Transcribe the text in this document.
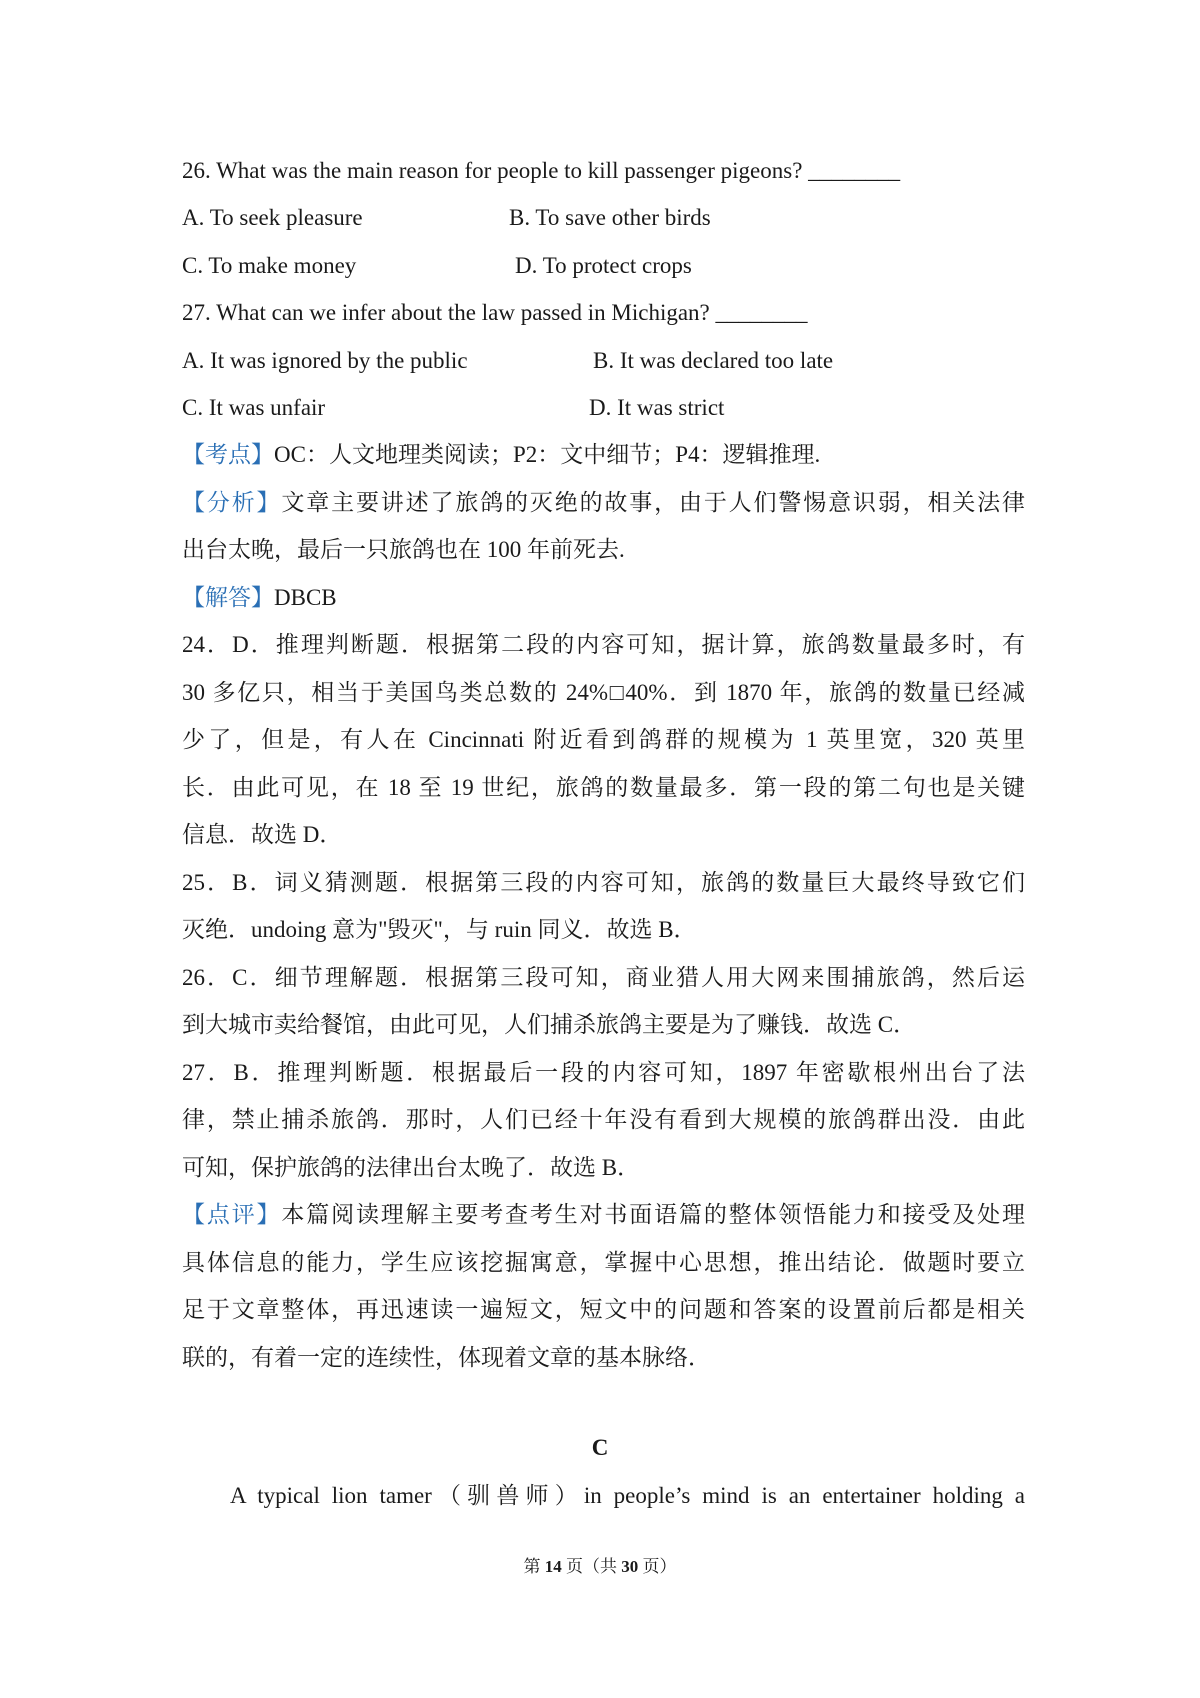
26. What was the main reason for people to kill passenger pigeons? ________
A. To seek pleasure	B. To save other birds
C. To make money	D. To protect crops
27. What can we infer about the law passed in Michigan? ________
A. It was ignored by the public	B. It was declared too late
C. It was unfair	D. It was strict
【考点】OC：人文地理类阅读；P2：文中细节；P4：逻辑推理.
【分析】文章主要讲述了旅鸽的灭绝的故事，由于人们警惕意识弱，相关法律
出台太晚，最后一只旅鸽也在 100 年前死去.
【解答】DBCB
24．D．推理判断题．根据第二段的内容可知，据计算，旅鸽数量最多时，有
30 多亿只，相当于美国鸟类总数的 24%□40%．到 1870 年，旅鸽的数量已经减
少了，但是，有人在 Cincinnati 附近看到鸽群的规模为 1 英里宽，320 英里
长．由此可见，在 18 至 19 世纪，旅鸽的数量最多．第一段的第二句也是关键
信息．故选 D．
25．B．词义猜测题．根据第三段的内容可知，旅鸽的数量巨大最终导致它们
灭绝．undoing 意为"毁灭"，与 ruin 同义．故选 B．
26．C．细节理解题．根据第三段可知，商业猎人用大网来围捕旅鸽，然后运
到大城市卖给餐馆，由此可见，人们捕杀旅鸽主要是为了赚钱．故选 C．
27．B．推理判断题．根据最后一段的内容可知，1897 年密歇根州出台了法
律，禁止捕杀旅鸽．那时，人们已经十年没有看到大规模的旅鸽群出没．由此
可知，保护旅鸽的法律出台太晚了．故选 B．
【点评】本篇阅读理解主要考查考生对书面语篇的整体领悟能力和接受及处理
具体信息的能力，学生应该挖掘寓意，掌握中心思想，推出结论．做题时要立
足于文章整体，再迅速读一遍短文，短文中的问题和答案的设置前后都是相关
联的，有着一定的连续性，体现着文章的基本脉络．
C
A typical lion tamer（驯兽师）in people’s mind is an entertainer holding a
第 14 页（共 30 页）
